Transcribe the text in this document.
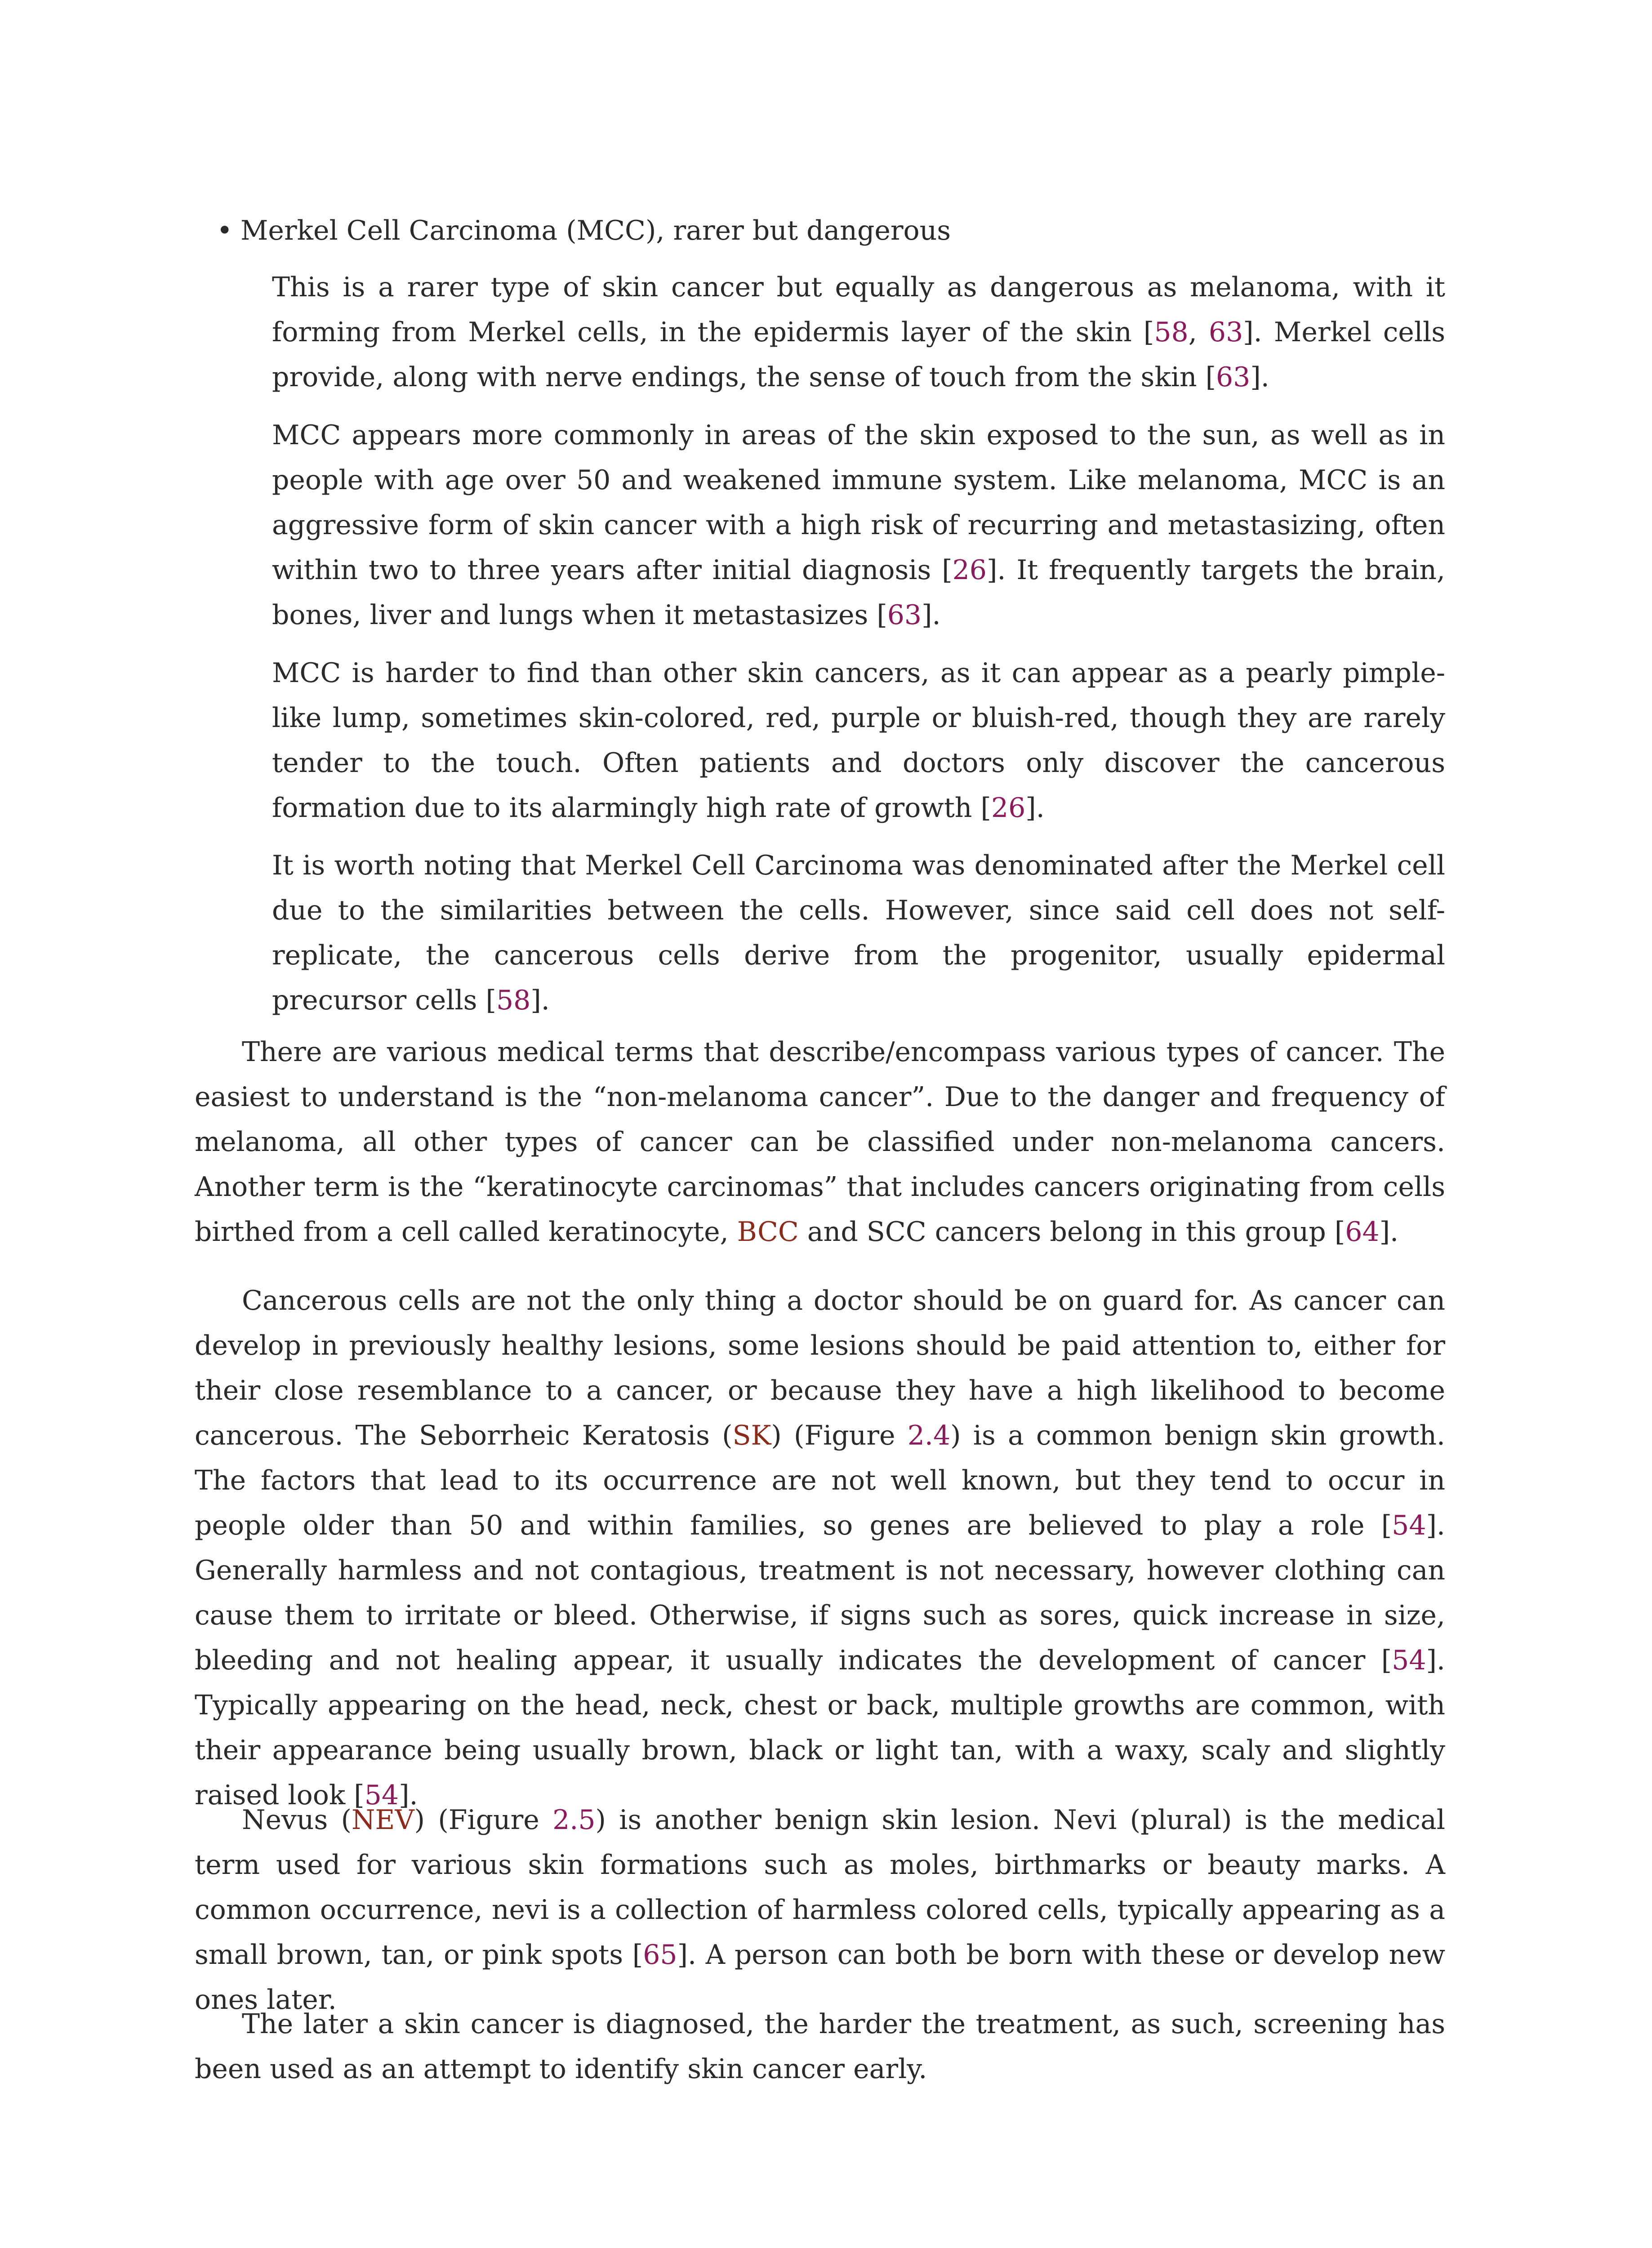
• Merkel Cell Carcinoma (MCC), rarer but dangerous

This is a rarer type of skin cancer but equally as dangerous as melanoma, with it forming from Merkel cells, in the epidermis layer of the skin [58, 63]. Merkel cells provide, along with nerve endings, the sense of touch from the skin [63].

MCC appears more commonly in areas of the skin exposed to the sun, as well as in people with age over 50 and weakened immune system. Like melanoma, MCC is an aggressive form of skin cancer with a high risk of recurring and metastasizing, often within two to three years after initial diagnosis [26]. It frequently targets the brain, bones, liver and lungs when it metastasizes [63].

MCC is harder to find than other skin cancers, as it can appear as a pearly pimple-like lump, sometimes skin-colored, red, purple or bluish-red, though they are rarely tender to the touch. Often patients and doctors only discover the cancerous formation due to its alarmingly high rate of growth [26].

It is worth noting that Merkel Cell Carcinoma was denominated after the Merkel cell due to the similarities between the cells. However, since said cell does not self-replicate, the cancerous cells derive from the progenitor, usually epidermal precursor cells [58].

There are various medical terms that describe/encompass various types of cancer. The easiest to understand is the “non-melanoma cancer”. Due to the danger and frequency of melanoma, all other types of cancer can be classified under non-melanoma cancers. Another term is the “keratinocyte carcinomas” that includes cancers originating from cells birthed from a cell called keratinocyte, BCC and SCC cancers belong in this group [64].

Cancerous cells are not the only thing a doctor should be on guard for. As cancer can develop in previously healthy lesions, some lesions should be paid attention to, either for their close resemblance to a cancer, or because they have a high likelihood to become cancerous. The Seborrheic Keratosis (SK) (Figure 2.4) is a common benign skin growth. The factors that lead to its occurrence are not well known, but they tend to occur in people older than 50 and within families, so genes are believed to play a role [54]. Generally harmless and not contagious, treatment is not necessary, however clothing can cause them to irritate or bleed. Otherwise, if signs such as sores, quick increase in size, bleeding and not healing appear, it usually indicates the development of cancer [54]. Typically appearing on the head, neck, chest or back, multiple growths are common, with their appearance being usually brown, black or light tan, with a waxy, scaly and slightly raised look [54].

Nevus (NEV) (Figure 2.5) is another benign skin lesion. Nevi (plural) is the medical term used for various skin formations such as moles, birthmarks or beauty marks. A common occurrence, nevi is a collection of harmless colored cells, typically appearing as a small brown, tan, or pink spots [65]. A person can both be born with these or develop new ones later.

The later a skin cancer is diagnosed, the harder the treatment, as such, screening has been used as an attempt to identify skin cancer early.
